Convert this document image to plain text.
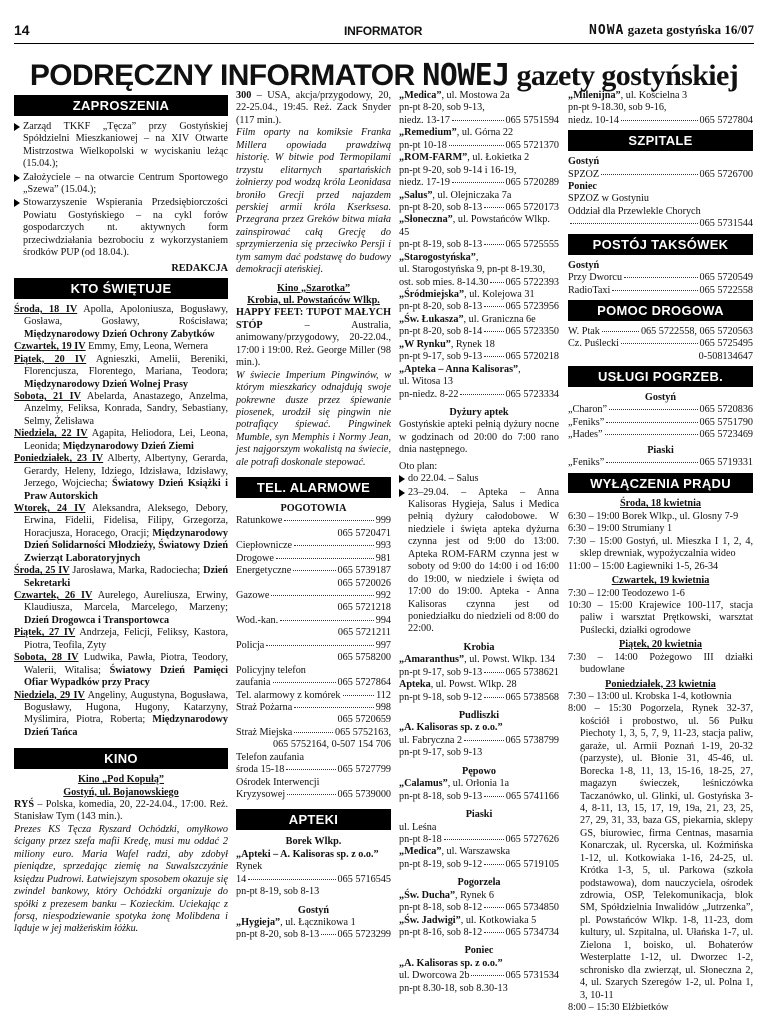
14	INFORMATOR	NOWA gazeta gostyńska 16/07
PODRĘCZNY INFORMATOR NOWEJ gazety gostyńskiej
ZAPROSZENIA
Zarząd TKKF „Tęcza” przy Gostyńskiej Spółdzielni Mieszkaniowej – na XIV Otwarte Mistrzostwa Wielkopolski w wyciskaniu leżąc (15.04.);
Założyciele – na otwarcie Centrum Sportowego „Szewa” (15.04.);
Stowarzyszenie Wspierania Przedsiębiorczości Powiatu Gostyńskiego – na cykl forów gospodarczych nt. aktywnych form przeciwdziałania bezrobociu z wykorzystaniem środków PUP (od 18.04.).
REDAKCJA
KTO ŚWIĘTUJE
Środa, 18 IV Apolla, Apoloniusza, Bogusławy, Gosława, Gosławy, Rościsława; Międzynarodowy Dzień Ochrony Zabytków
Czwartek, 19 IV Emmy, Emy, Leona, Wernera
Piątek, 20 IV Agnieszki, Amelii, Bereniki, Florencjusza, Florentego, Mariana, Teodora; Międzynarodowy Dzień Wolnej Prasy
Sobota, 21 IV Abelarda, Anastazego, Anzelma, Anzelmy, Feliksa, Konrada, Sandry, Sebastiany, Selmy, Żelisława
Niedziela, 22 IV Agapita, Heliodora, Lei, Leona, Leonida; Międzynarodowy Dzień Ziemi
Poniedziałek, 23 IV Alberty, Albertyny, Gerarda, Gerardy, Heleny, Idziego, Idzisława, Idzisławy, Jerzego, Wojciecha; Światowy Dzień Książki i Praw Autorskich
Wtorek, 24 IV Aleksandra, Aleksego, Debory, Erwina, Fidelii, Fidelisa, Filipy, Grzegorza, Horacjusza, Horacego, Oracji; Międzynarodowy Dzień Solidarności Młodzieży, Światowy Dzień Zwierząt Laboratoryjnych
Środa, 25 IV Jarosława, Marka, Radociecha; Dzień Sekretarki
Czwartek, 26 IV Aurelego, Aureliusza, Erwiny, Klaudiusza, Marcela, Marcelego, Marzeny; Dzień Drogowca i Transportowca
Piątek, 27 IV Andrzeja, Felicji, Feliksy, Kastora, Piotra, Teofila, Zyty
Sobota, 28 IV Ludwika, Pawła, Piotra, Teodory, Walerii, Witalisa; Światowy Dzień Pamięci Ofiar Wypadków przy Pracy
Niedziela, 29 IV Angeliny, Augustyna, Bogusława, Bogusławy, Hugona, Hugony, Katarzyny, Myślimira, Piotra, Roberta; Międzynarodowy Dzień Tańca
KINO
Kino „Pod Kopułą”
Gostyń, ul. Bojanowskiego
RYŚ – Polska, komedia, 20, 22-24.04., 17:00. Reż. Stanisław Tym (143 min.).
Prezes KS Tęcza Ryszard Ochódzki, omyłkowo ścigany przez szefa mafii Kredę, musi mu oddać 2 miliony euro. Maria Wafel radzi, aby zdobył pieniądze, sprzedając ziemię na Suwalszczyźnie księdzu Pudrowi. Łatwiejszym sposobem okazuje się zwindel bankowy, który Ochódzki organizuje do spółki z prezesem banku – Kozieckim. Uciekając z forsą, niespodziewanie spotyka żonę Molibdena i ląduje w jej małżeńskim łóżku.
300 – USA, akcja/przygodowy, 20, 22-25.04., 19:45. Reż. Zack Snyder (117 min.).
Film oparty na komiksie Franka Millera opowiada prawdziwą historię. W bitwie pod Termopilami trzystu elitarnych spartańskich żołnierzy pod wodzą króla Leonidasa broniło Grecji przed najazdem perskiej armii króla Kserksesa. Przegrana przez Greków bitwa miała zainspirować całą Grecję do sprzymierzenia się przeciwko Persji i tym samym dać podstawę do budowy demokracji ateńskiej.
Kino „Szarotka”
Krobia, ul. Powstańców Wlkp.
HAPPY FEET: TUPOT MAŁYCH STÓP – Australia, animowany/przygodowy, 20-22.04., 17:00 i 19:00. Reż. George Miller (98 min.).
W świecie Imperium Pingwinów, w którym mieszkańcy odnajdują swoje pokrewne dusze przez śpiewanie piosenek, urodził się pingwin nie potrafiący śpiewać. Pingwinek Mumble, syn Memphis i Normy Jean, jest najgorszym wokalistą na świecie, ale potrafi doskonale stepować.
TEL. ALARMOWE
POGOTOWIA
Ratunkowe	999
065 5720471
Ciepłownicze	993
Drogowe	981
Energetyczne	065 5739187
065 5720026
Gazowe	992
065 5721218
Wod.-kan.	994
065 5721211
Policja	997
065 5758200
Policyjny telefon
zaufania	065 5727864
Tel. alarmowy z komórek	112
Straż Pożarna	998
065 5720659
Straż Miejska	065 5752163,
065 5752164, 0-507 154 706
Telefon zaufania
środa 15-18	065 5727799
Ośrodek Interwencji
Kryzysowej	065 5739000
APTEKI
Borek Wlkp.
„Apteki – A. Kalisoras sp. z o.o.” Rynek
14	065 5716545
pn-pt 8-19, sob 8-13
Gostyń
„Hygieja”, ul. Łącznikowa 1
pn-pt 8-20, sob 8-13 065 5723299
„Medica”, ul. Mostowa 2a
pn-pt 8-20, sob 9-13,
niedz. 13-17	065 5751594
„Remedium”, ul. Górna 22
pn-pt 10-18	065 5721370
„ROM-FARM”, ul. Łokietka 2
pn-pt 9-20, sob 9-14 i 16-19,
niedz. 17-19	065 5720289
„Salus”, ul. Olejniczaka 7a
pn-pt 8-20, sob 8-13 065 5720173
„Słoneczna”, ul. Powstańców Wlkp. 45
pn-pt 8-19, sob 8-13 065 5725555
„Starogostyńska”,
ul. Starogostyńska 9, pn-pt 8-19.30,
ost. sob mies. 8-14.30 065 5722393
„Śródmiejska”, ul. Kolejowa 31
pn-pt 8-20, sob 8-13 065 5723956
„Św. Łukasza”, ul. Graniczna 6e
pn-pt 8-20, sob 8-14 065 5723350
„W Rynku”, Rynek 18
pn-pt 9-17, sob 9-13 065 5720218
„Apteka – Anna Kalisoras”,
ul. Witosa 13
pn-niedz. 8-22	065 5723334
Dyżury aptek
Gostyńskie apteki pełnią dyżury nocne w godzinach od 20:00 do 7:00 rano dnia następnego.
Oto plan:
do 22.04. – Salus
23–29.04. – Apteka – Anna Kalisoras Hygieja, Salus i Medica pełnią dyżury całodobowe. W niedziele i święta apteka dyżurna czynna jest od 9:00 do 13:00. Apteka ROM-FARM czynna jest w soboty od 9:00 do 14:00 i od 16:00 do 19:00, w niedziele i święta od 17:00 do 19:00. Apteka - Anna Kalisoras czynna jest od poniedziałku do niedzieli od 8:00 do 22:00.
Krobia
„Amaranthus”, ul. Powst. Wlkp. 134
pn-pt 9-17, sob 9-13 065 5738621
Apteka, ul. Powst. Wlkp. 28
pn-pt 9-18, sob 9-12 065 5738568
Pudliszki
„A. Kalisoras sp. z o.o.”
ul. Fabryczna 2	065 5738799
pn-pt 9-17, sob 9-13
Pępowo
„Calamus”, ul. Orłonia 1a
pn-pt 8-18, sob 9-13 065 5741166
Piaski
ul. Leśna
pn-pt 8-18	065 5727626
„Medica”, ul. Warszawska
pn-pt 8-19, sob 9-12 065 5719105
Pogorzela
„Św. Ducha”, Rynek 6
pn-pt 8-18, sob 8-12 065 5734850
„Św. Jadwigi”, ul. Kotkowiaka 5
pn-pt 8-16, sob 8-12 065 5734734
Poniec
„A. Kalisoras sp. z o.o.”
ul. Dworcowa 2b	065 5731534
pn-pt 8.30-18, sob 8.30-13
„Milenijna”, ul. Kościelna 3
pn-pt 9-18.30, sob 9-16,
niedz. 10-14	065 5727804
SZPITALE
Gostyń
SPZOZ	065 5726700
Poniec
SPZOZ w Gostyniu
Oddział dla Przewlekle Chorych
065 5731544
POSTÓJ TAKSÓWEK
Gostyń
Przy Dworcu	065 5720549
RadioTaxi	065 5722558
POMOC DROGOWA
W. Ptak	065 5722558, 065 5720563
Cz. Puślecki	065 5725495
0-508134647
USŁUGI POGRZEB.
Gostyń
„Charon”	065 5720836
„Feniks”	065 5751790
„Hades”	065 5723469
Piaski
„Feniks”	065 5719331
WYŁĄCZENIA PRĄDU
Środa, 18 kwietnia
6:30 – 19:00 Borek Wlkp., ul. Glosny 7-9
6:30 – 19:00 Strumiany 1
7:30 – 15:00 Gostyń, ul. Mieszka I 1, 2, 4, sklep drewniak, wypożyczalnia wideo
11:00 – 15:00 Łagiewniki 1-5, 26-34
Czwartek, 19 kwietnia
7:30 – 12:00 Teodozewo 1-6
10:30 – 15:00 Krajewice 100-117, stacja paliw i warsztat Prętkowski, warsztat Puślecki, działki ogrodowe
Piątek, 20 kwietnia
7:30 – 14:00 Pożegowo III działki budowlane
Poniedziałek, 23 kwietnia
7:30 – 13:00 ul. Krobska 1-4, kotłownia
8:00 – 15:30 Pogorzela, Rynek 32-37, kościół i probostwo, ul. 56 Pułku Piechoty 1, 3, 5, 7, 9, 11-23, stacja paliw, garaże, ul. Armii Poznań 1-19, 20-32 (parzyste), ul. Błonie 31, 45-46, ul. Borecka 1-8, 11, 13, 15-16, 18-25, 27, magazyn świeczek, leśniczówka Taczanówko, ul. Glinki, ul. Gostyńska 3-4, 8-11, 13, 15, 17, 19, 19a, 21, 23, 25, 27, 29, 31, 33, baza GS, piekarnia, sklepy GS, biurowiec, firma Centnas, masarnia Konarczak, ul. Rycerska, ul. Koźmińska 1-12, ul. Kotkowiaka 1-16, 24-25, ul. Krótka 1-3, 5, ul. Parkowa (szkoła podstawowa), dom nauczyciela, ośrodek zdrowia, OSP, Telekomunikacja, blok SM, Spółdzielnia Inwalidów „Jutrzenka”, pl. Powstańców Wlkp. 1-8, 11-23, dom kultury, ul. Szpitalna, ul. Ułańska 1-7, ul. Zielona 1, boisko, ul. Bohaterów Westerplatte 1-12, ul. Dworzec 1-2, schronisko dla zwierząt, ul. Słoneczna 2, 4, ul. Szarych Szeregów 1-2, ul. Polna 1, 3, 10-11
8:00 – 15:30 Elżbietków
